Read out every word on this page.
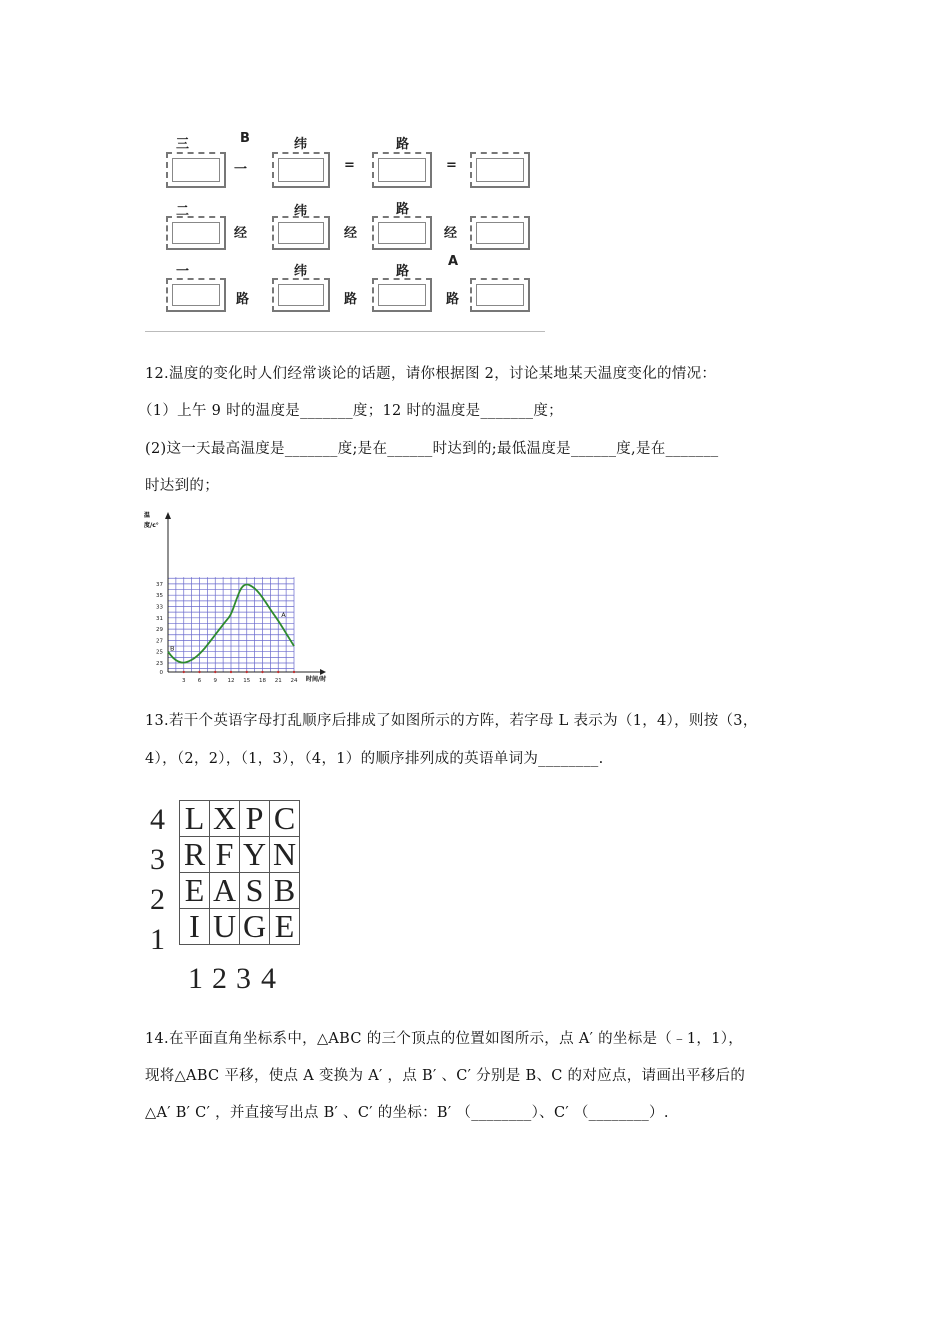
三	B	纬	路
一	=	=
二	纬	路
经	经	经
一	纬	路
A
路	路	路
12.温度的变化时人们经常谈论的话题，请你根据图 2，讨论某地某天温度变化的情况：
（1）上午 9 时的温度是_______度；12 时的温度是_______度；
(2)这一天最高温度是_______度;是在______时达到的;最低温度是______度,是在_______
时达到的；
3 6 9 12 15 18 21 24
0
23
25
27
29
31
33
35
37
A
B
温
度/c°
时间/时
13.若干个英语字母打乱顺序后排成了如图所示的方阵，若字母 L 表示为（1，4），则按（3，
4），（2，2），（1，3），（4，1）的顺序排列成的英语单词为________.
4
3
2
1
L	X	P	C
R	F	Y	N
E	A	S	B
I	U	G	E
1 2 3 4
14.在平面直角坐标系中，△ABC 的三个顶点的位置如图所示，点 A′ 的坐标是（﹣1，1），
现将△ABC 平移，使点 A 变换为 A′ ，点 B′ 、C′ 分别是 B、C 的对应点，请画出平移后的
△A′ B′ C′ ，并直接写出点 B′ 、C′ 的坐标：B′ （________）、C′ （________）.
